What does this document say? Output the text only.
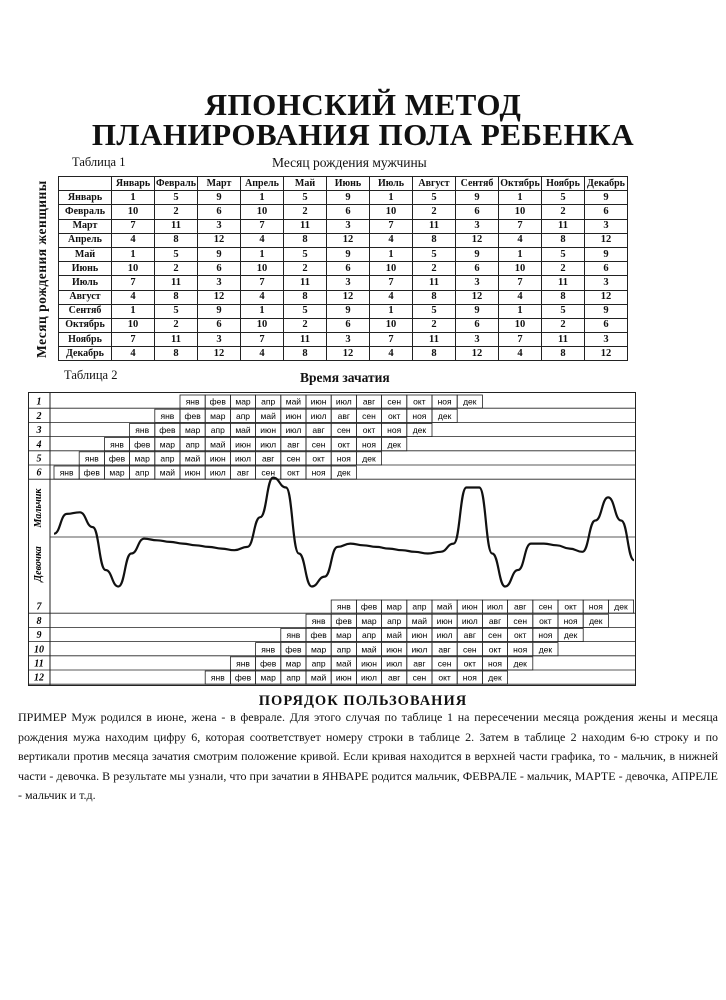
ЯПОНСКИЙ МЕТОД
ПЛАНИРОВАНИЯ ПОЛА РЕБЕНКА
Таблица 1	Месяц рождения мужчины
Месяц рождения женщины
		Январь	Февраль	Март	Апрель	Май	Июнь	Июль	Август	Сентяб	Октябрь	Ноябрь	Декабрь
Январь	1	5	9	1	5	9	1	5	9	1	5	9
Февраль	10	2	6	10	2	6	10	2	6	10	2	6
Март	7	11	3	7	11	3	7	11	3	7	11	3
Апрель	4	8	12	4	8	12	4	8	12	4	8	12
Май	1	5	9	1	5	9	1	5	9	1	5	9
Июнь	10	2	6	10	2	6	10	2	6	10	2	6
Июль	7	11	3	7	11	3	7	11	3	7	11	3
Август	4	8	12	4	8	12	4	8	12	4	8	12
Сентяб	1	5	9	1	5	9	1	5	9	1	5	9
Октябрь	10	2	6	10	2	6	10	2	6	10	2	6
Ноябрь	7	11	3	7	11	3	7	11	3	7	11	3
Декабрь	4	8	12	4	8	12	4	8	12	4	8	12
Таблица 2	Время зачатия
1	янв фев мар апр май июн июл авг сен окт ноя дек
2	янв фев мар апр май июн июл авг сен окт ноя дек
3	янв фев мар апр май июн июл авг сен окт ноя дек
4	янв фев мар апр май июн июл авг сен окт ноя дек
5	янв фев мар апр май июн июл авг сен окт ноя дек
6 янв фев мар апр май июн июл авг сен окт ноя дек
7	янв фев мар апр май июн июл авг сен окт ноя дек
8	янв фев мар апр май июн июл авг сен окт ноя дек
9	янв фев мар апр май июн июл авг сен окт ноя дек
10	янв фев мар апр май июн июл авг сен окт ноя дек
11	янв фев мар апр май июн июл авг сен окт ноя дек
12	янв фев мар апр май июн июл авг сен окт ноя дек
Мальчик
Девочка
ПОРЯДОК ПОЛЬЗОВАНИЯ

ПРИМЕР Муж родился в июне, жена - в феврале. Для этого случая по таблице 1 на пересечении месяца рождения жены и месяца рождения мужа находим цифру 6, которая соответствует номеру строки в таблице 2. Затем в таблице 2 находим 6-ю строку и по вертикали против месяца зачатия смотрим положение кривой. Если кривая находится в верхней части графика, то - мальчик, в нижней части - девочка. В результате мы узнали, что при зачатии в ЯНВАРЕ родится мальчик, ФЕВРАЛЕ - мальчик, МАРТЕ - девочка, АПРЕЛЕ - мальчик и т.д.
